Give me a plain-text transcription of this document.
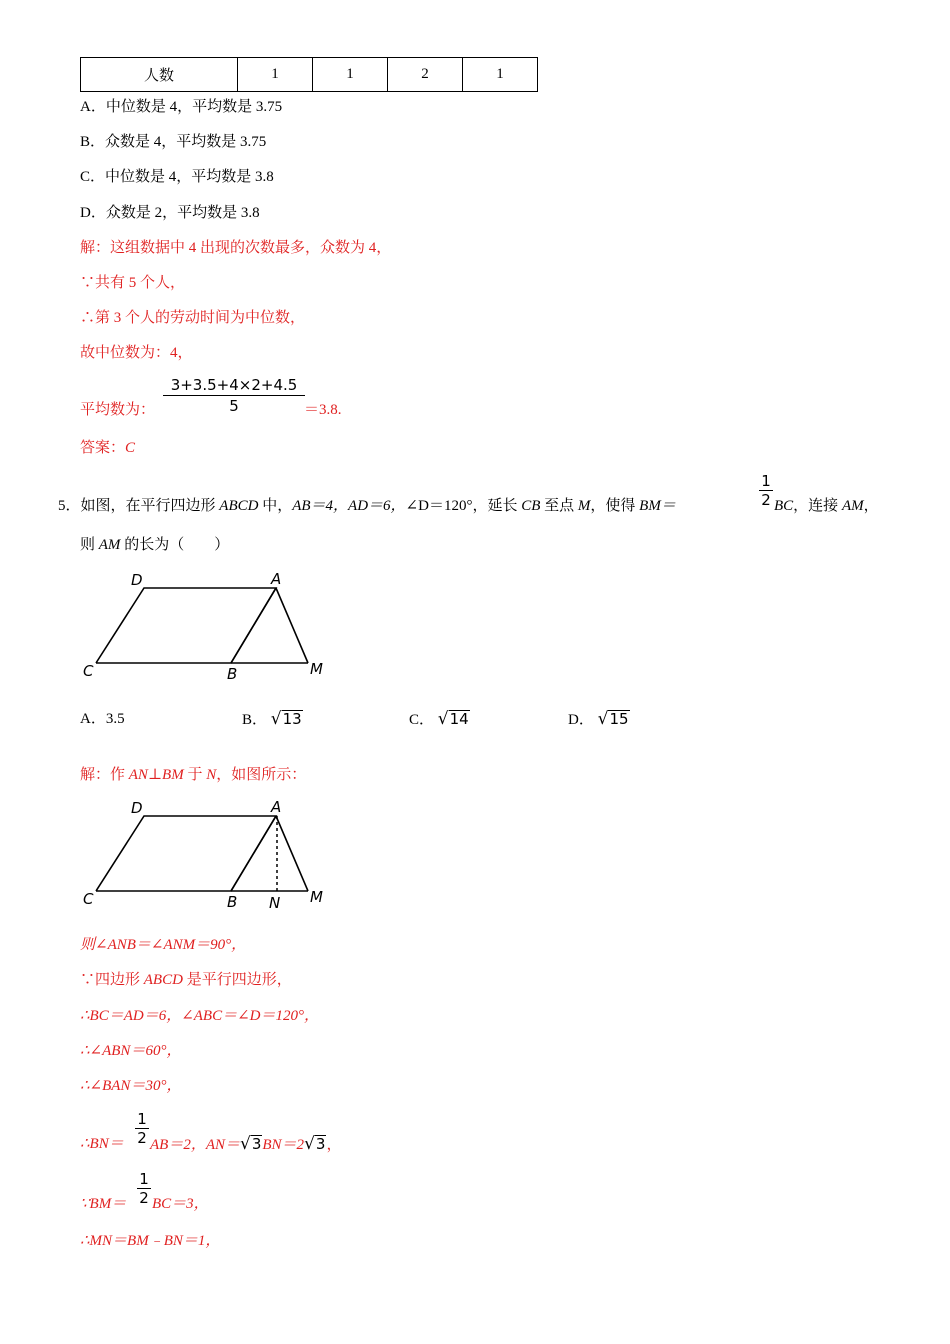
人数	1	1	2	1
A．中位数是 4，平均数是 3.75
B．众数是 4，平均数是 3.75
C．中位数是 4，平均数是 3.8
D．众数是 2，平均数是 3.8
解：这组数据中 4 出现的次数最多，众数为 4，
∵共有 5 个人，
∴第 3 个人的劳动时间为中位数，
故中位数为：4，
平均数为： $\frac{3+3.5+4\times 2+4.5}{5} =3.8$.
答案：C
5．如图，在平行四边形 ABCD 中，AB＝4，AD＝6，∠D＝120°，延长 CB 至点 M，使得 BM＝	$\frac{1}{2}$ BC，连接 AM，
则 AM 的长为（　　）
D	A
C	B	M
A．3.5	B． √13	C． √14	D． √15
解：作 AN⊥BM 于 N，如图所示：
D	A
C	B N M
则∠ANB＝∠ANM＝90°，
∵四边形 ABCD 是平行四边形，
∴BC＝AD＝6，∠ABC＝∠D＝120°，
∴∠ABN＝60°，
∴∠BAN＝30°，
∴BN＝ $\frac{1}{2} AB=2$，AN＝√3BN＝2√3，
∵BM＝ $\frac{1}{2} BC=3$，
∴MN＝BM﹣BN＝1，
